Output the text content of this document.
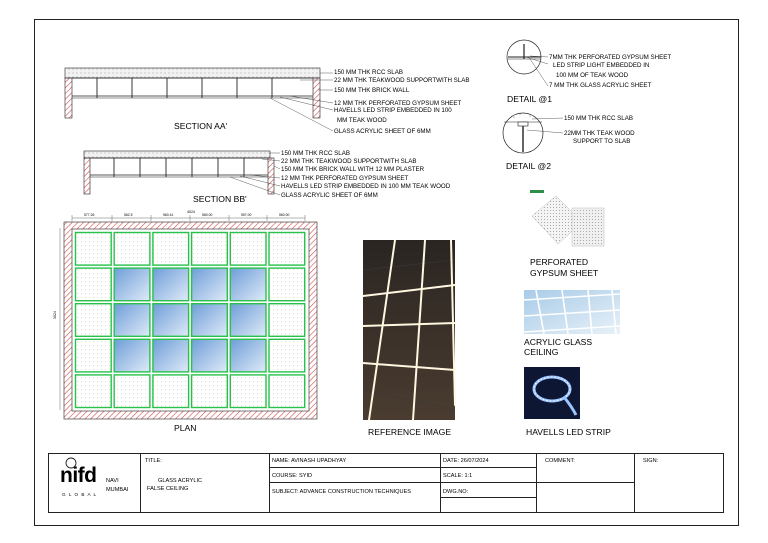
150 MM THK RCC SLAB
22 MM THK TEAKWOOD SUPPORTWITH SLAB
150 MM THK BRICK WALL
12 MM THK PERFORATED GYPSUM SHEET
HAVELLS LED STRIP EMBEDDED IN 100
MM TEAK WOOD
GLASS ACRYLIC SHEET OF 6MM
SECTION AA'
7MM THK PERFORATED GYPSUM SHEET
LED STRIP LIGHT EMBEDDED IN
100 MM OF TEAK WOOD
7 MM THK GLASS ACRYLIC SHEET
DETAIL @1
150 MM THK RCC SLAB
22MM THK TEAK WOOD
SUPPORT TO SLAB
DETAIL @2
150 MM THK RCC SLAB
22 MM THK TEAKWOOD SUPPORTWITH SLAB
150 MM THK BRICK WALL WITH 12 MM PLASTER
12 MM THK PERFORATED GYPSUM SHEET
HAVELLS LED STRIP EMBEDDED IN 100 MM TEAK WOOD
GLASS ACRYLIC SHEET OF 6MM
SECTION BB'
PLAN
4024
3024
577.26	562.5	560.41	560.00	557.00	560.00
REFERENCE IMAGE
PERFORATED
GYPSUM SHEET
ACRYLIC GLASS
CEILING
HAVELLS LED STRIP
nifd
G L O B A L
NAVI
MUMBAI
TITLE:
GLASS ACRYLIC
FALSE CEILING
NAME: AVINASH UPADHYAY
COURSE: SYID
SUBJECT: ADVANCE CONSTRUCTION TECHNIQUES
DATE: 26/07/2024
SCALE: 1:1
DWG.NO:
COMMENT:	SIGN:
